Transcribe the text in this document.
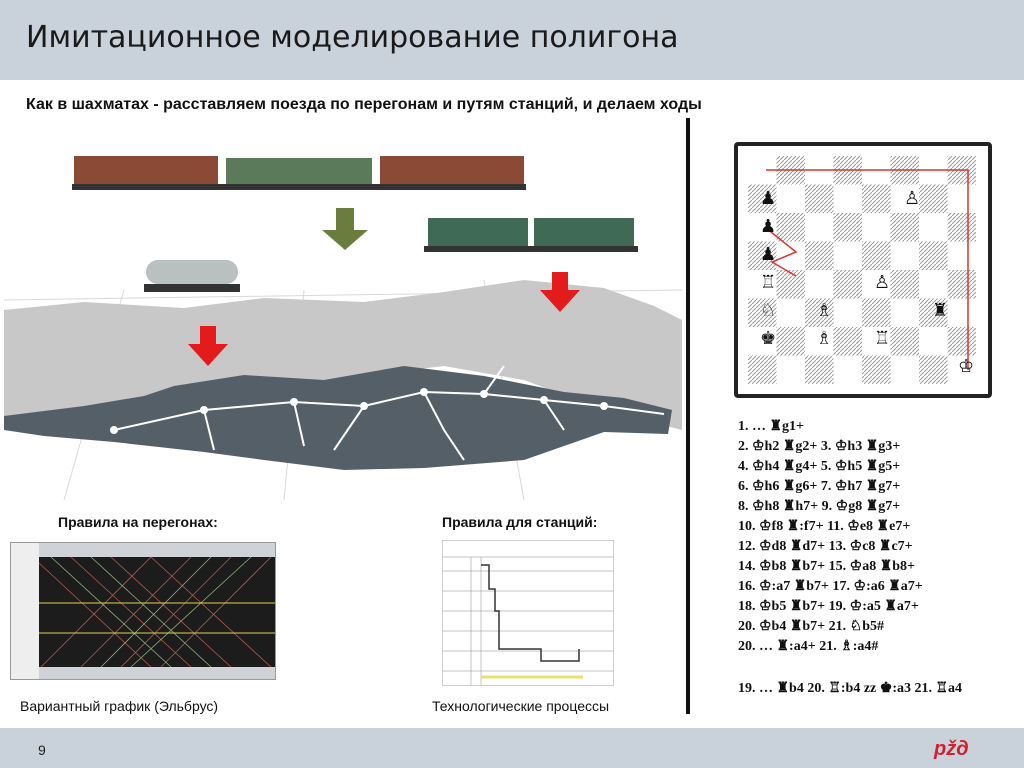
Имитационное моделирование полигона
Как в шахматах - расставляем поезда по перегонам и путям станций, и делаем ходы
Правила на перегонах:	Правила для станций:
Вариантный график (Эльбрус)	Технологические процессы
♟
♟
♟
♙
♖	♙
♘ ♗	♜
♚ ♗ ♖
♔
1. … ♜g1+
2. ♔h2 ♜g2+ 3. ♔h3 ♜g3+
4. ♔h4 ♜g4+ 5. ♔h5 ♜g5+
6. ♔h6 ♜g6+ 7. ♔h7 ♜g7+
8. ♔h8 ♜h7+ 9. ♔g8 ♜g7+
10. ♔f8 ♜:f7+ 11. ♔e8 ♜e7+
12. ♔d8 ♜d7+ 13. ♔c8 ♜c7+
14. ♔b8 ♜b7+ 15. ♔a8 ♜b8+
16. ♔:a7 ♜b7+ 17. ♔:a6 ♜a7+
18. ♔b5 ♜b7+ 19. ♔:a5 ♜a7+
20. ♔b4 ♜b7+ 21. ♘b5#
20. … ♜:a4+ 21. ♗:a4#
19. … ♜b4 20. ♖:b4 zz ♚:a3 21. ♖a4
9	рžд
